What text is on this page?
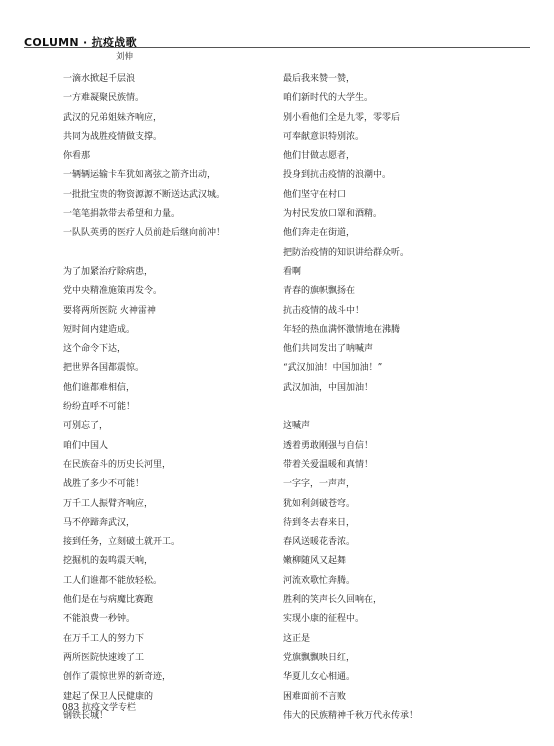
COLUMN · 抗疫战歌
刘伸
一滴水掀起千层浪
一方难凝聚民族情。
武汉的兄弟姐妹齐响应，
共同为战胜疫情做支撑。
你看那
一辆辆运输卡车犹如离弦之箭齐出动，
一批批宝贵的物资源源不断送达武汉城。
一笔笔捐款带去希望和力量。
一队队英勇的医疗人员前赴后继向前冲！
为了加紧治疗除病患，
党中央精准施策再发令。
要将两所医院 火神雷神
短时间内建造成。
这个命令下达，
把世界各国都震惊。
他们谁都难相信，
纷纷直呼不可能！
可别忘了，
咱们中国人
在民族奋斗的历史长河里，
战胜了多少不可能！
万千工人振臂齐响应，
马不停蹄奔武汉，
接到任务，立刻破土就开工。
挖掘机的轰鸣震天响，
工人们谁都不能放轻松。
他们是在与病魔比赛跑
不能浪费一秒钟。
在万千工人的努力下
两所医院快速竣了工
创作了震惊世界的新奇迹，
建起了保卫人民健康的
钢铁长城！
最后我来赞一赞，
咱们新时代的大学生。
别小看他们全是九零，零零后
可奉献意识特别浓。
他们甘做志愿者，
投身到抗击疫情的浪潮中。
他们坚守在村口
为村民发放口罩和酒精。
他们奔走在街道，
把防治疫情的知识讲给群众听。
看啊
青春的旗帜飘扬在
抗击疫情的战斗中！
年轻的热血满怀激情地在沸腾
他们共同发出了呐喊声
“武汉加油！中国加油！”
武汉加油，中国加油！
这喊声
透着勇敢刚强与自信！
带着关爱温暖和真情！
一字字，一声声，
犹如利剑破苍穹。
待到冬去春来日，
春风送暖花香浓。
嫩柳随风又起舞
河流欢歌忙奔腾。
胜利的笑声长久回响在，
实现小康的征程中。
这正是
党旗飘飘映日红，
华夏儿女心相通。
困难面前不言败
伟大的民族精神千秋万代永传承！
083 抗疫文学专栏
